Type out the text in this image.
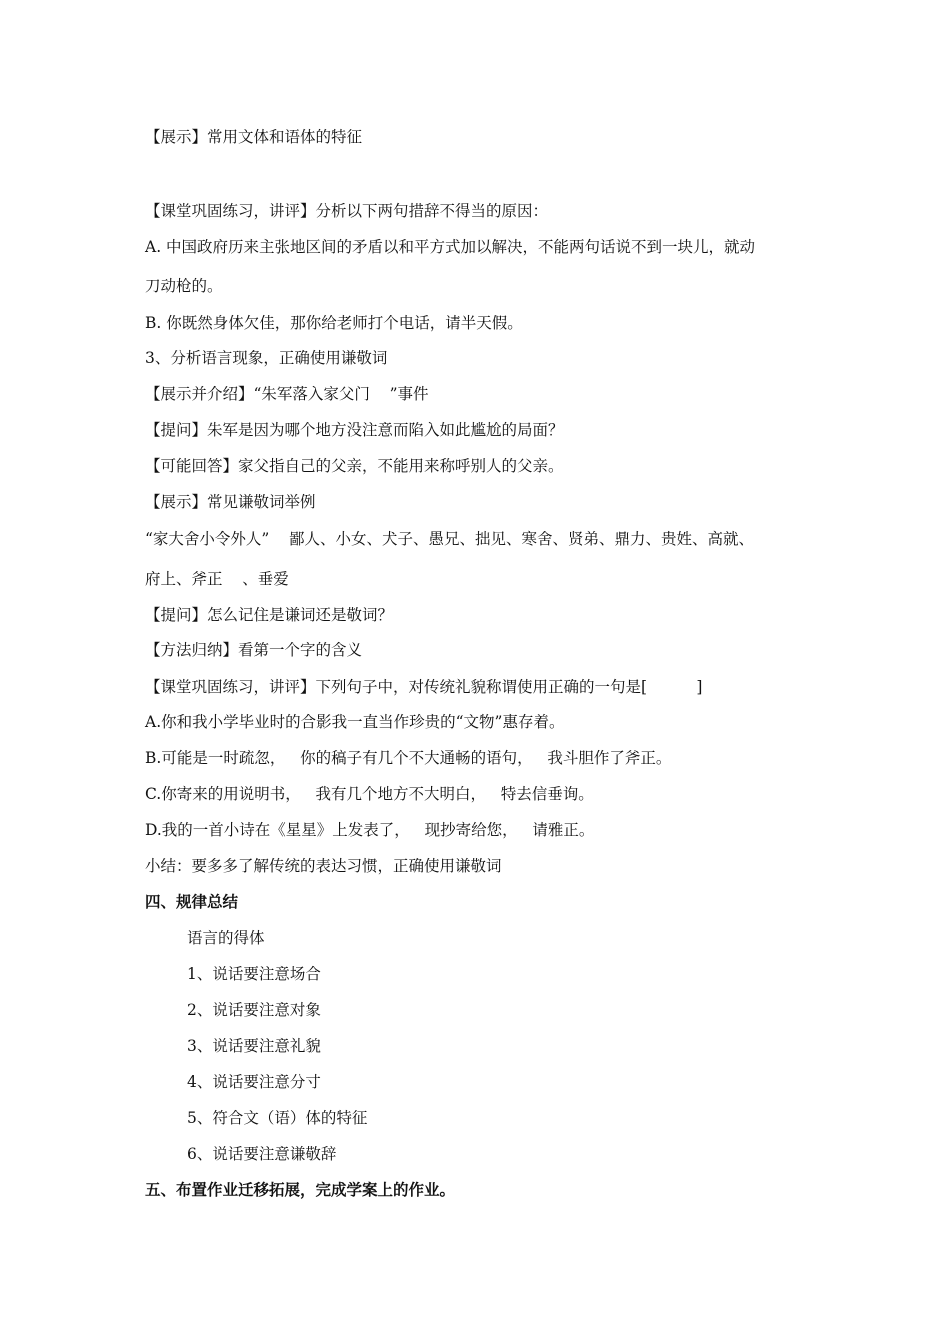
【展示】常用文体和语体的特征
【课堂巩固练习，讲评】分析以下两句措辞不得当的原因：
A. 中国政府历来主张地区间的矛盾以和平方式加以解决，不能两句话说不到一块儿，就动
刀动枪的。
B. 你既然身体欠佳，那你给老师打个电话，请半天假。
3、分析语言现象，正确使用谦敬词
【展示并介绍】“朱军落入家父门    ”事件
【提问】朱军是因为哪个地方没注意而陷入如此尴尬的局面？
【可能回答】家父指自己的父亲，不能用来称呼别人的父亲。
【展示】常见谦敬词举例
“家大舍小令外人”    鄙人、小女、犬子、愚兄、拙见、寒舍、贤弟、鼎力、贵姓、高就、
府上、斧正    、垂爱
【提问】怎么记住是谦词还是敬词？
【方法归纳】看第一个字的含义
【课堂巩固练习，讲评】下列句子中，对传统礼貌称谓使用正确的一句是[          ]
A.你和我小学毕业时的合影我一直当作珍贵的“文物”惠存着。
B.可能是一时疏忽，   你的稿子有几个不大通畅的语句，   我斗胆作了斧正。
C.你寄来的用说明书，   我有几个地方不大明白，   特去信垂询。
D.我的一首小诗在《星星》上发表了，   现抄寄给您，   请雅正。
小结：要多多了解传统的表达习惯，正确使用谦敬词
四、规律总结
语言的得体
1、说话要注意场合
2、说话要注意对象
3、说话要注意礼貌
4、说话要注意分寸
5、符合文（语）体的特征
6、说话要注意谦敬辞
五、布置作业迁移拓展，完成学案上的作业。
